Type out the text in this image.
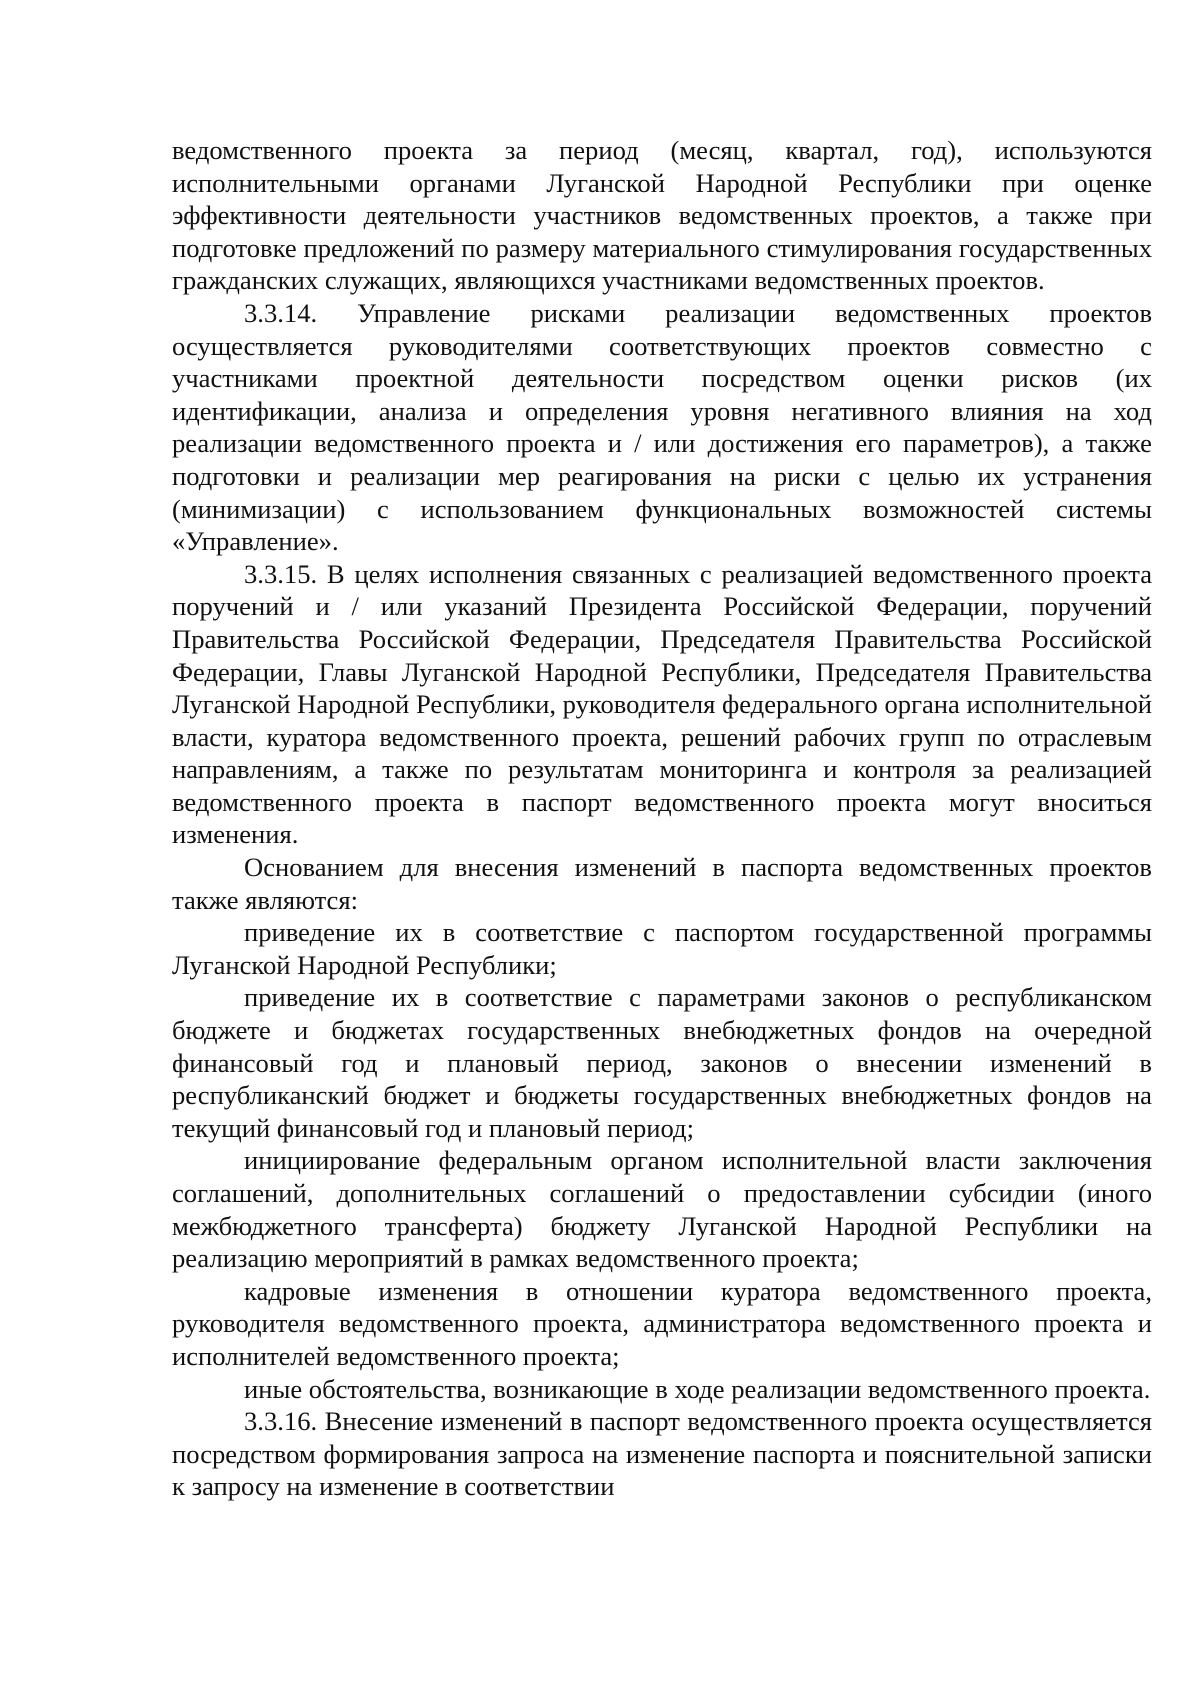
ведомственного проекта за период (месяц, квартал, год), используются исполнительными органами Луганской Народной Республики при оценке эффективности деятельности участников ведомственных проектов, а также при подготовке предложений по размеру материального стимулирования государственных гражданских служащих, являющихся участниками ведомственных проектов.

3.3.14. Управление рисками реализации ведомственных проектов осуществляется руководителями соответствующих проектов совместно с участниками проектной деятельности посредством оценки рисков (их идентификации, анализа и определения уровня негативного влияния на ход реализации ведомственного проекта и / или достижения его параметров), а также подготовки и реализации мер реагирования на риски с целью их устранения (минимизации) с использованием функциональных возможностей системы «Управление».

3.3.15. В целях исполнения связанных с реализацией ведомственного проекта поручений и / или указаний Президента Российской Федерации, поручений Правительства Российской Федерации, Председателя Правительства Российской Федерации, Главы Луганской Народной Республики, Председателя Правительства Луганской Народной Республики, руководителя федерального органа исполнительной власти, куратора ведомственного проекта, решений рабочих групп по отраслевым направлениям, а также по результатам мониторинга и контроля за реализацией ведомственного проекта в паспорт ведомственного проекта могут вноситься изменения.

Основанием для внесения изменений в паспорта ведомственных проектов также являются:

приведение их в соответствие с паспортом государственной программы Луганской Народной Республики;

приведение их в соответствие с параметрами законов о республиканском бюджете и бюджетах государственных внебюджетных фондов на очередной финансовый год и плановый период, законов о внесении изменений в республиканский бюджет и бюджеты государственных внебюджетных фондов на текущий финансовый год и плановый период;

инициирование федеральным органом исполнительной власти заключения соглашений, дополнительных соглашений о предоставлении субсидии (иного межбюджетного трансферта) бюджету Луганской Народной Республики на реализацию мероприятий в рамках ведомственного проекта;

кадровые изменения в отношении куратора ведомственного проекта, руководителя ведомственного проекта, администратора ведомственного проекта и исполнителей ведомственного проекта;

иные обстоятельства, возникающие в ходе реализации ведомственного проекта.

3.3.16. Внесение изменений в паспорт ведомственного проекта осуществляется посредством формирования запроса на изменение паспорта и пояснительной записки к запросу на изменение в соответствии
